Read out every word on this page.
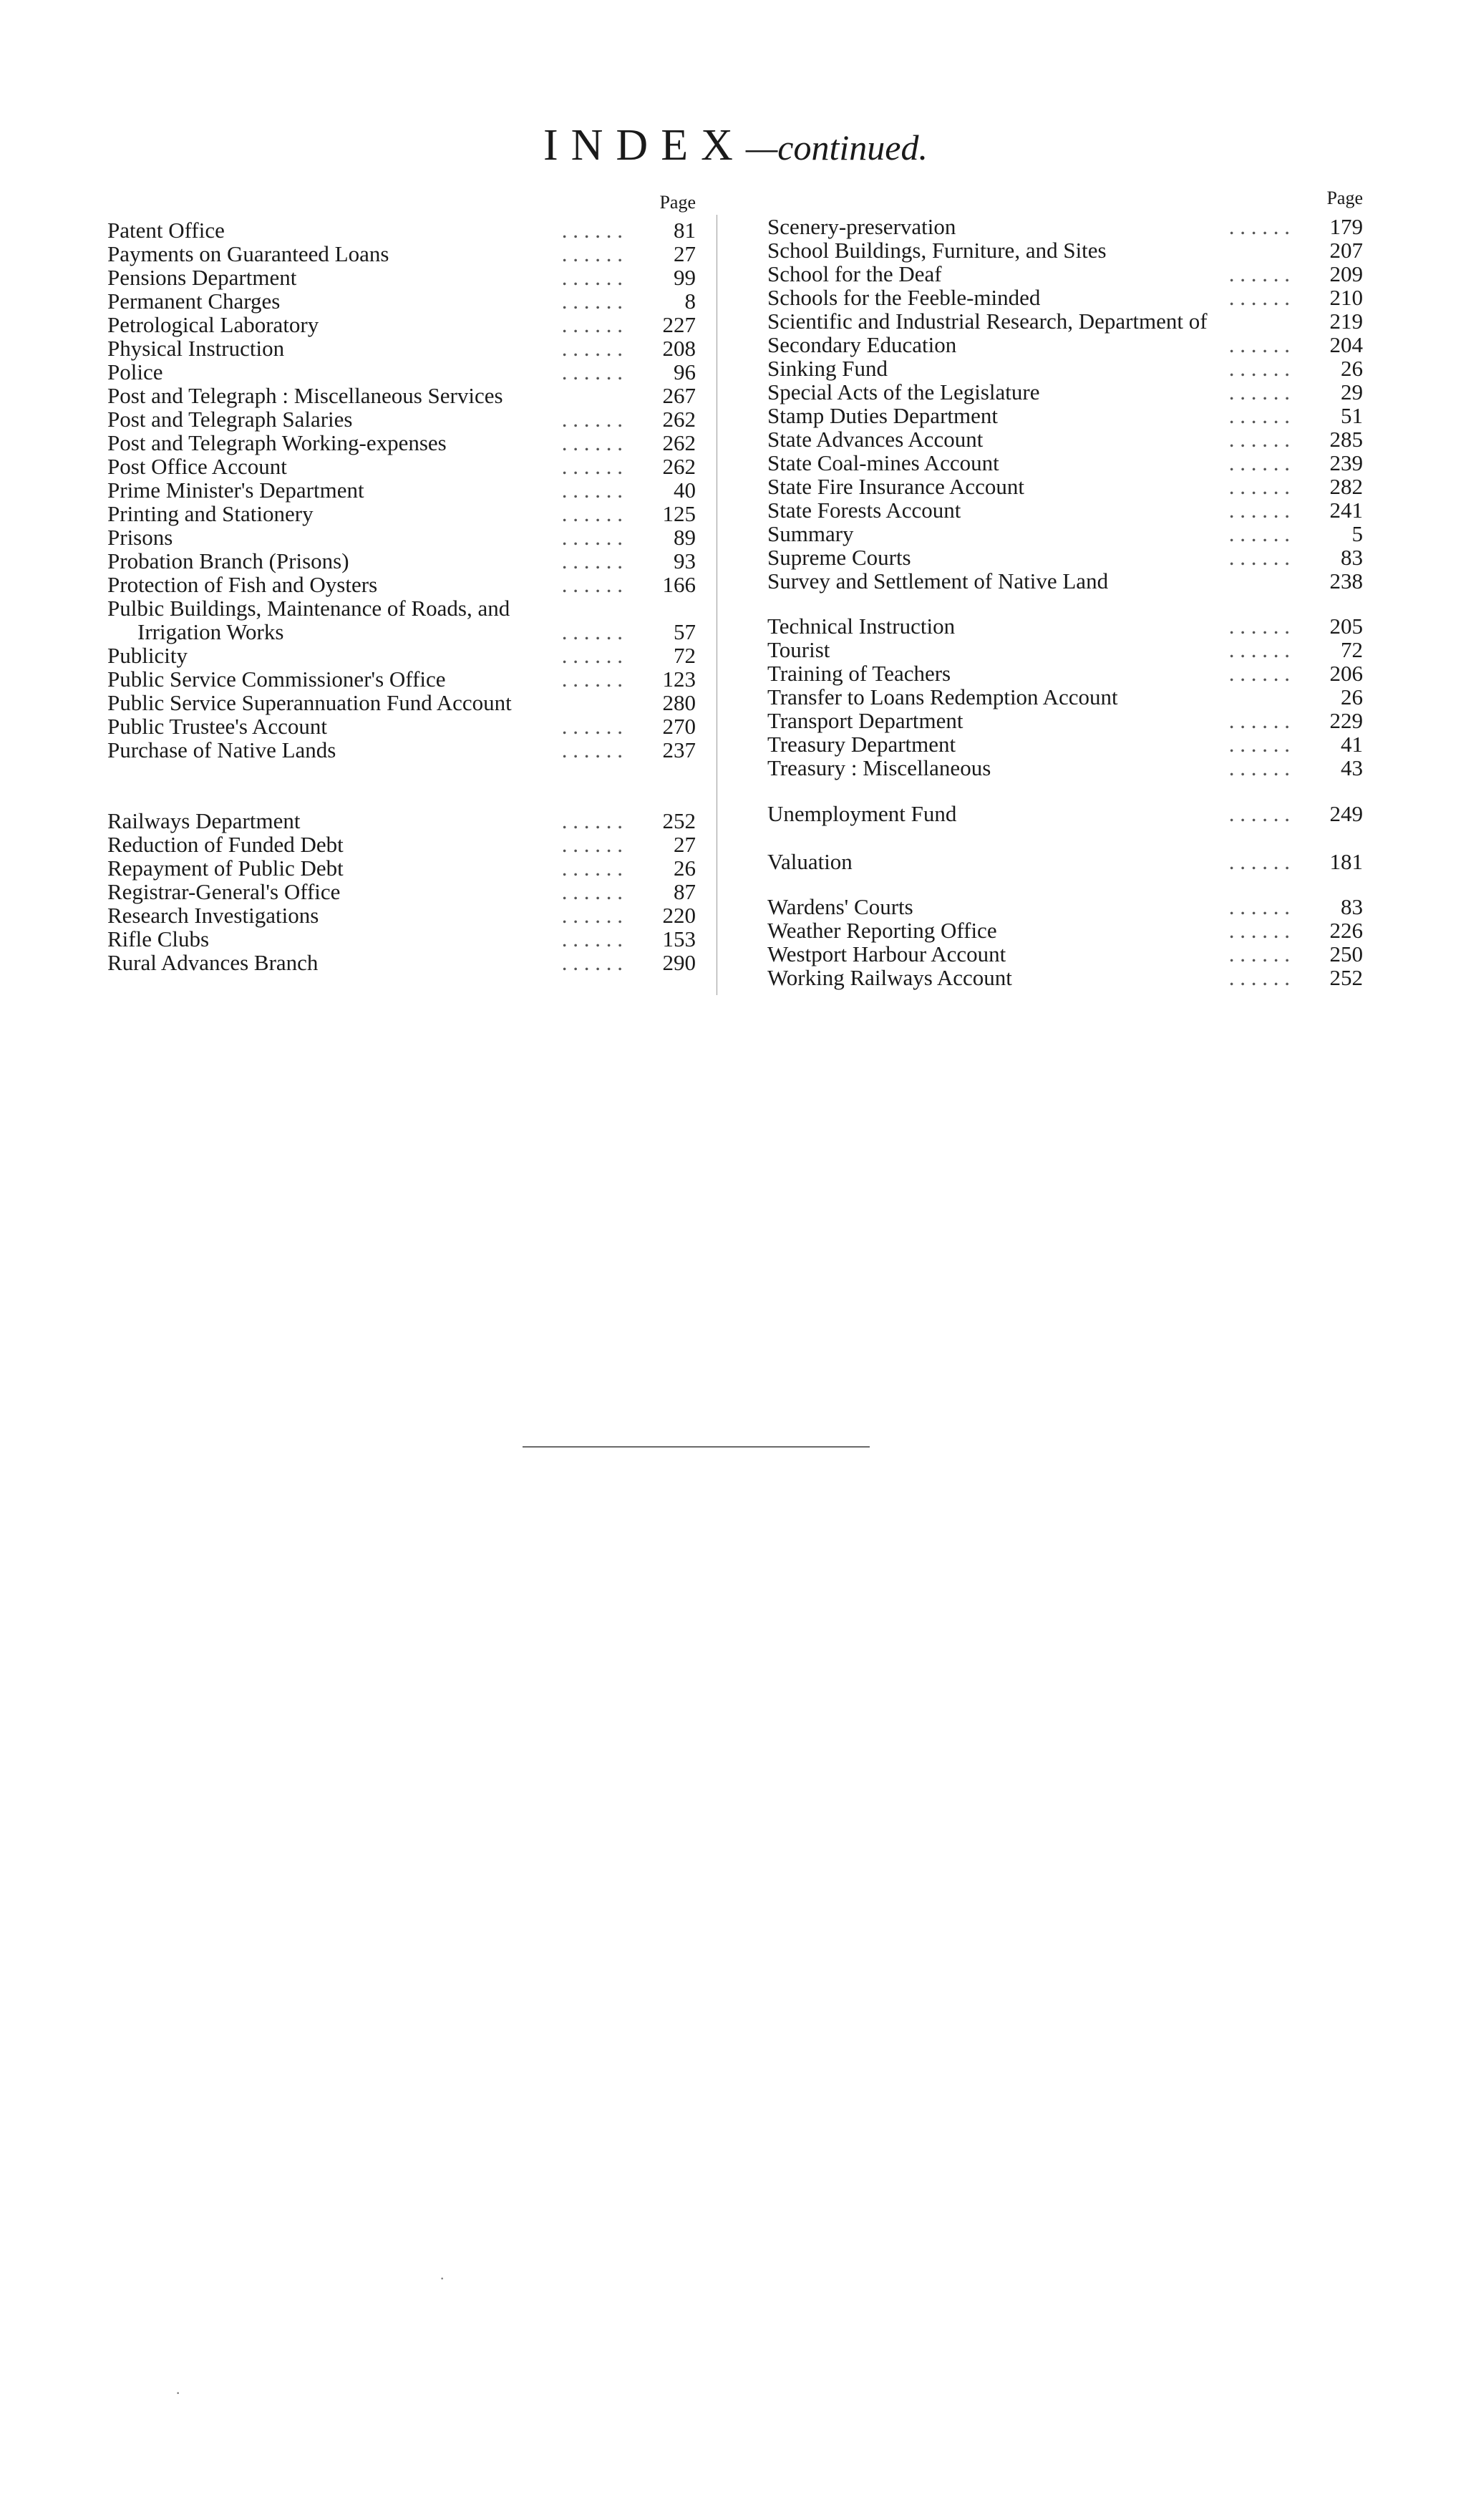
INDEX—continued.
Page
Patent Office	. . . . . . 81
Payments on Guaranteed Loans	. . . . . . 27
Pensions Department	. . . . . . 99
Permanent Charges	. . . . . .	8
Petrological Laboratory	. . . . . . 227
Physical Instruction	. . . . . . 208
Police	. . . . . . 96
Post and Telegraph : Miscellaneous Services	267
Post and Telegraph Salaries	. . . . . . 262
Post and Telegraph Working-expenses	. . . . . . 262
Post Office Account	. . . . . . 262
Prime Minister's Department	. . . . . . 40
Printing and Stationery	. . . . . . 125
Prisons	. . . . . . 89
Probation Branch (Prisons)	. . . . . . 93
Protection of Fish and Oysters	. . . . . . 166
Pulbic Buildings, Maintenance of Roads, and
Irrigation Works	. . . . . . 57
Publicity	. . . . . . 72
Public Service Commissioner's Office	. . . . . . 123
Public Service Superannuation Fund Account	280
Public Trustee's Account	. . . . . . 270
Purchase of Native Lands	. . . . . . 237
Railways Department	. . . . . . 252
Reduction of Funded Debt	. . . . . . 27
Repayment of Public Debt	. . . . . . 26
Registrar-General's Office	. . . . . . 87
Research Investigations	. . . . . . 220
Rifle Clubs	. . . . . . 153
Rural Advances Branch	. . . . . . 290
Page
Scenery-preservation	. . . . . . 179
School Buildings, Furniture, and Sites	207
School for the Deaf	. . . . . . 209
Schools for the Feeble-minded	. . . . . . 210
Scientific and Industrial Research, Department of	219
Secondary Education	. . . . . . 204
Sinking Fund	. . . . . . 26
Special Acts of the Legislature	. . . . . . 29
Stamp Duties Department	. . . . . . 51
State Advances Account	. . . . . . 285
State Coal-mines Account	. . . . . . 239
State Fire Insurance Account	. . . . . . 282
State Forests Account	. . . . . . 241
Summary	. . . . . .	5
Supreme Courts	. . . . . . 83
Survey and Settlement of Native Land	238
Technical Instruction	. . . . . . 205
Tourist	. . . . . . 72
Training of Teachers	. . . . . . 206
Transfer to Loans Redemption Account	26
Transport Department	. . . . . . 229
Treasury Department	. . . . . . 41
Treasury : Miscellaneous	. . . . . . 43
Unemployment Fund	. . . . . . 249
Valuation	. . . . . . 181
Wardens' Courts	. . . . . . 83
Weather Reporting Office	. . . . . . 226
Westport Harbour Account	. . . . . . 250
Working Railways Account	. . . . . . 252
·
·
